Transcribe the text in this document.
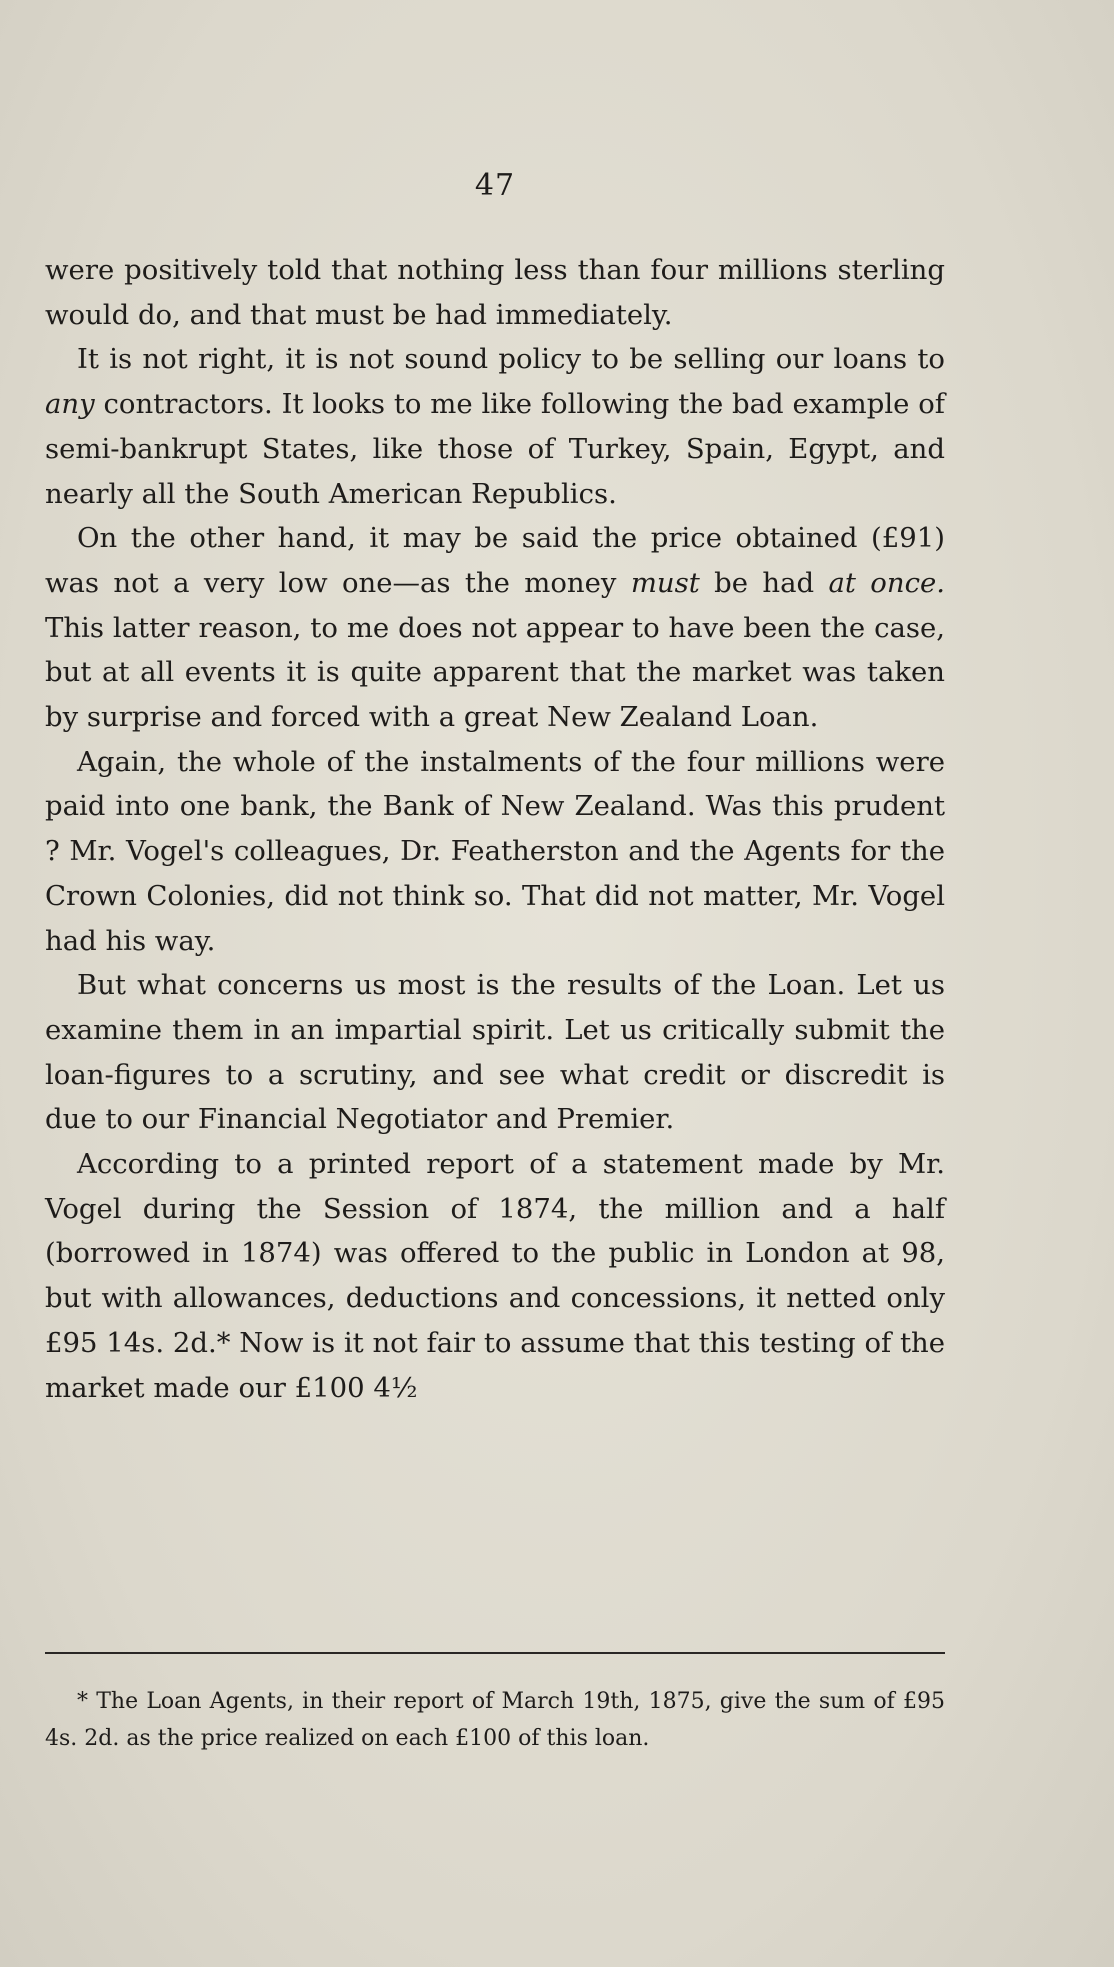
47

were positively told that nothing less than four millions sterling would do, and that must be had immediately.

It is not right, it is not sound policy to be selling our loans to any contractors. It looks to me like following the bad example of semi-bankrupt States, like those of Turkey, Spain, Egypt, and nearly all the South American Republics.

On the other hand, it may be said the price obtained (£91) was not a very low one—as the money must be had at once. This latter reason, to me does not appear to have been the case, but at all events it is quite apparent that the market was taken by surprise and forced with a great New Zealand Loan.

Again, the whole of the instalments of the four millions were paid into one bank, the Bank of New Zealand. Was this prudent ? Mr. Vogel's colleagues, Dr. Featherston and the Agents for the Crown Colonies, did not think so. That did not matter, Mr. Vogel had his way.

But what concerns us most is the results of the Loan. Let us examine them in an impartial spirit. Let us critically submit the loan-figures to a scrutiny, and see what credit or discredit is due to our Financial Negotiator and Premier.

According to a printed report of a statement made by Mr. Vogel during the Session of 1874, the million and a half (borrowed in 1874) was offered to the public in London at 98, but with allowances, deductions and concessions, it netted only £95 14s. 2d.* Now is it not fair to assume that this testing of the market made our £100 4½

* The Loan Agents, in their report of March 19th, 1875, give the sum of £95 4s. 2d. as the price realized on each £100 of this loan.
